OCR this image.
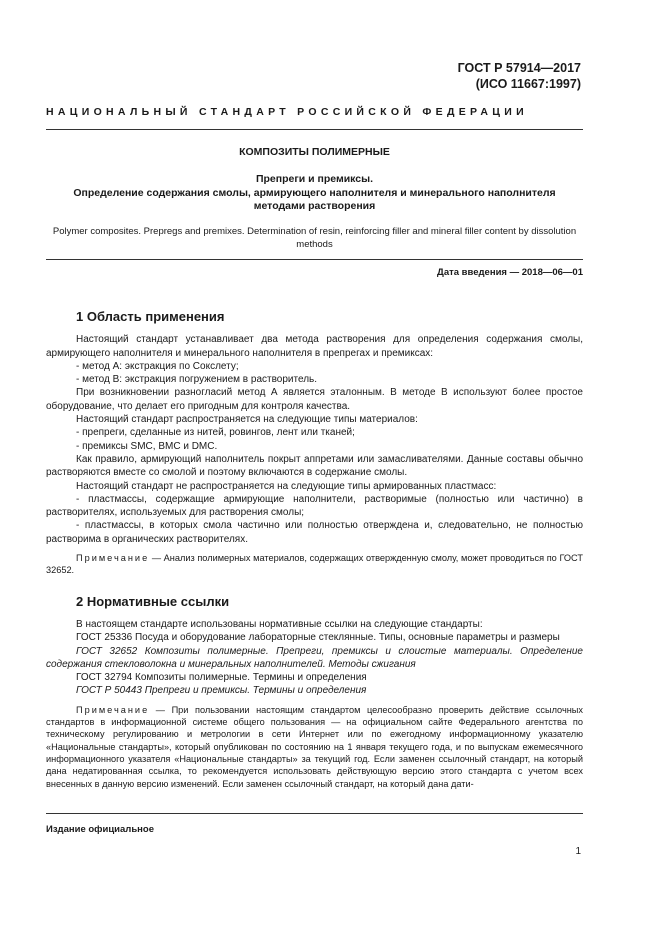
ГОСТ Р 57914—2017
(ИСО 11667:1997)
НАЦИОНАЛЬНЫЙ СТАНДАРТ РОССИЙСКОЙ ФЕДЕРАЦИИ
КОМПОЗИТЫ ПОЛИМЕРНЫЕ
Препреги и премиксы.
Определение содержания смолы, армирующего наполнителя и минерального наполнителя
методами растворения
Polymer composites. Prepregs and premixes. Determination of resin, reinforcing filler and mineral filler content by dissolution methods
Дата введения — 2018—06—01
1 Область применения

Настоящий стандарт устанавливает два метода растворения для определения содержания смолы, армирующего наполнителя и минерального наполнителя в препрегах и премиксах:

- метод А: экстракция по Сокслету;

- метод В: экстракция погружением в растворитель.

При возникновении разногласий метод А является эталонным. В методе В используют более простое оборудование, что делает его пригодным для контроля качества.

Настоящий стандарт распространяется на следующие типы материалов:

- препреги, сделанные из нитей, ровингов, лент или тканей;

- премиксы SMC, BMC и DMC.

Как правило, армирующий наполнитель покрыт аппретами или замасливателями. Данные составы обычно растворяются вместе со смолой и поэтому включаются в содержание смолы.

Настоящий стандарт не распространяется на следующие типы армированных пластмасс:

- пластмассы, содержащие армирующие наполнители, растворимые (полностью или частично) в растворителях, используемых для растворения смолы;

- пластмассы, в которых смола частично или полностью отверждена и, следовательно, не полностью растворима в органических растворителях.

Примечание — Анализ полимерных материалов, содержащих отвержденную смолу, может проводиться по ГОСТ 32652.

2 Нормативные ссылки

В настоящем стандарте использованы нормативные ссылки на следующие стандарты:

ГОСТ 25336 Посуда и оборудование лабораторные стеклянные. Типы, основные параметры и размеры

ГОСТ 32652 Композиты полимерные. Препреги, премиксы и слоистые материалы. Определение содержания стекловолокна и минеральных наполнителей. Методы сжигания

ГОСТ 32794 Композиты полимерные. Термины и определения

ГОСТ Р 50443 Препреги и премиксы. Термины и определения

Примечание — При пользовании настоящим стандартом целесообразно проверить действие ссылочных стандартов в информационной системе общего пользования — на официальном сайте Федерального агентства по техническому регулированию и метрологии в сети Интернет или по ежегодному информационному указателю «Национальные стандарты», который опубликован по состоянию на 1 января текущего года, и по выпускам ежемесячного информационного указателя «Национальные стандарты» за текущий год. Если заменен ссылочный стандарт, на который дана недатированная ссылка, то рекомендуется использовать действующую версию этого стандарта с учетом всех внесенных в данную версию изменений. Если заменен ссылочный стандарт, на который дана дати-

Издание официальное
1
